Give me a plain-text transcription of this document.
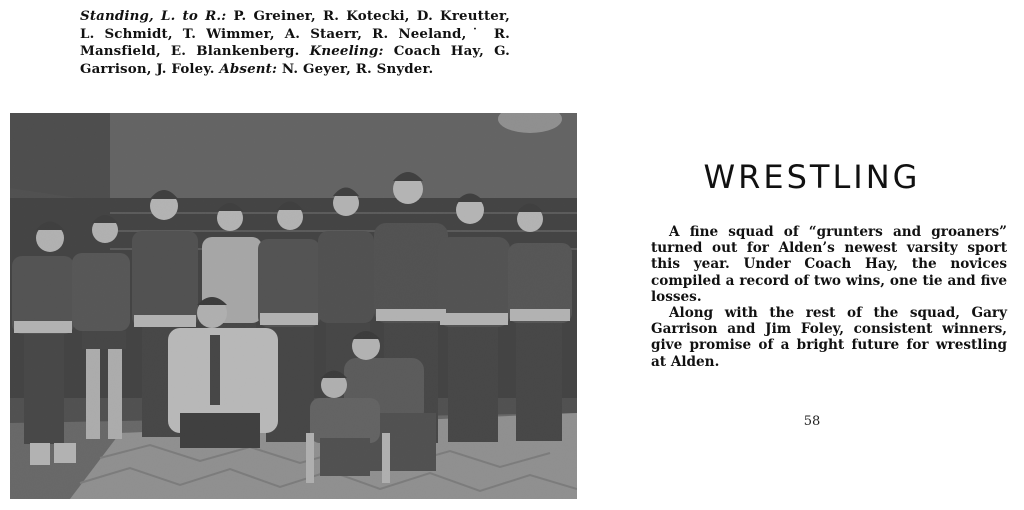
Standing, L. to R.: P. Greiner, R. Kotecki, D. Kreutter,
L. Schmidt, T. Wimmer, A. Staerr, R. Neeland,˙ R.
Mansfield, E. Blankenberg. Kneeling: Coach Hay, G.
Garrison, J. Foley. Absent: N. Geyer, R. Snyder.
WRESTLING
58

A fine squad of “grunters and groaners” turned out for Alden’s newest varsity sport this year. Under Coach Hay, the novices compiled a record of two wins, one tie and five losses.

Along with the rest of the squad, Gary Garrison and Jim Foley, consistent winners, give promise of a bright future for wrestling at Alden.
